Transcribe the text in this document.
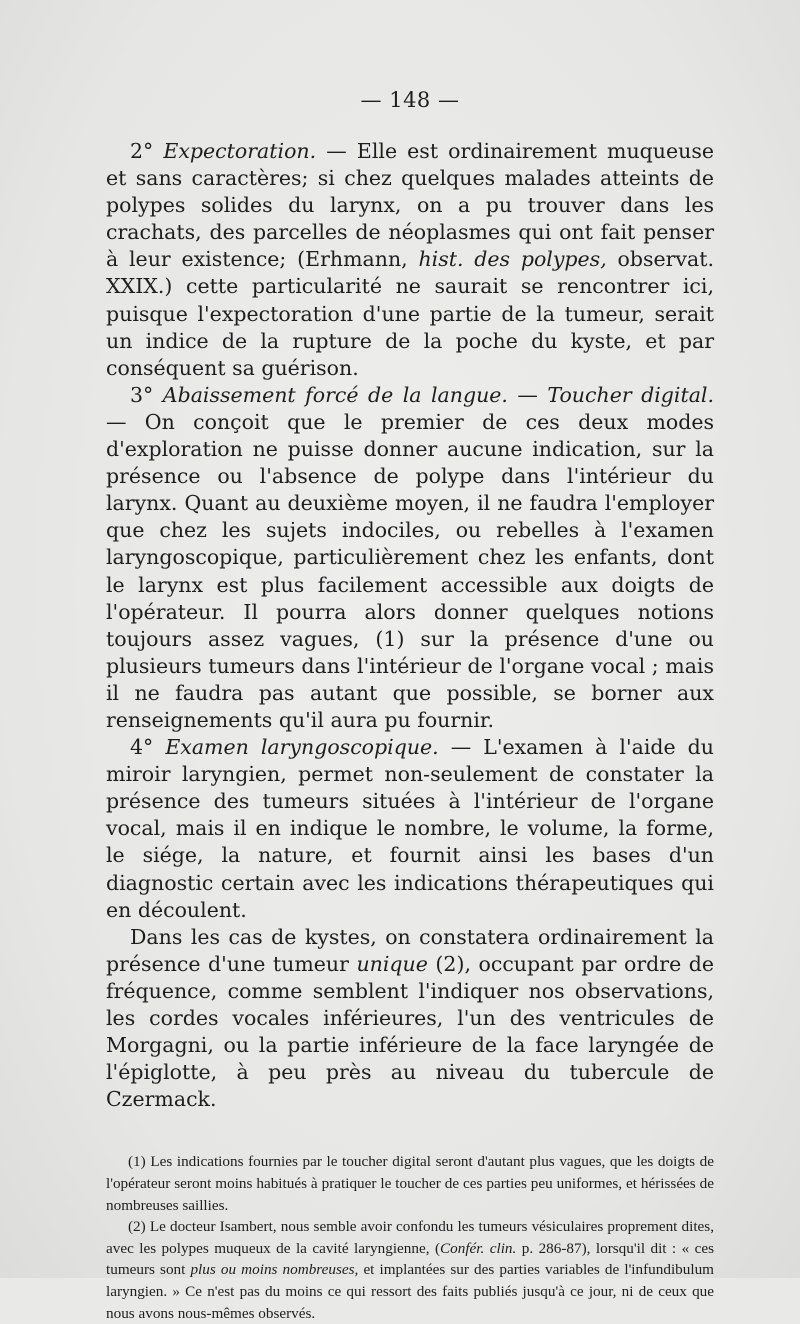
— 148 —

2° Expectoration. — Elle est ordinairement muqueuse et sans caractères; si chez quelques malades atteints de polypes solides du larynx, on a pu trouver dans les crachats, des parcelles de néoplasmes qui ont fait penser à leur existence; (Erhmann, hist. des polypes, observat. XXIX.) cette particularité ne saurait se rencontrer ici, puisque l'expectoration d'une partie de la tumeur, serait un indice de la rupture de la poche du kyste, et par conséquent sa guérison.

3° Abaissement forcé de la langue. — Toucher digital. — On conçoit que le premier de ces deux modes d'exploration ne puisse donner aucune indication, sur la présence ou l'absence de polype dans l'intérieur du larynx. Quant au deuxième moyen, il ne faudra l'employer que chez les sujets indociles, ou rebelles à l'examen laryngoscopique, particulièrement chez les enfants, dont le larynx est plus facilement accessible aux doigts de l'opérateur. Il pourra alors donner quelques notions toujours assez vagues, (1) sur la présence d'une ou plusieurs tumeurs dans l'intérieur de l'organe vocal ; mais il ne faudra pas autant que possible, se borner aux renseignements qu'il aura pu fournir.

4° Examen laryngoscopique. — L'examen à l'aide du miroir laryngien, permet non-seulement de constater la présence des tumeurs situées à l'intérieur de l'organe vocal, mais il en indique le nombre, le volume, la forme, le siége, la nature, et fournit ainsi les bases d'un diagnostic certain avec les indications thérapeutiques qui en découlent.

Dans les cas de kystes, on constatera ordinairement la présence d'une tumeur unique (2), occupant par ordre de fréquence, comme semblent l'indiquer nos observations, les cordes vocales inférieures, l'un des ventricules de Morgagni, ou la partie inférieure de la face laryngée de l'épiglotte, à peu près au niveau du tubercule de Czermack.

(1) Les indications fournies par le toucher digital seront d'autant plus vagues, que les doigts de l'opérateur seront moins habitués à pratiquer le toucher de ces parties peu uniformes, et hérissées de nombreuses saillies.

(2) Le docteur Isambert, nous semble avoir confondu les tumeurs vésiculaires proprement dites, avec les polypes muqueux de la cavité laryngienne, (Confér. clin. p. 286-87), lorsqu'il dit : « ces tumeurs sont plus ou moins nombreuses, et implantées sur des parties variables de l'infundibulum laryngien. » Ce n'est pas du moins ce qui ressort des faits publiés jusqu'à ce jour, ni de ceux que nous avons nous-mêmes observés.
